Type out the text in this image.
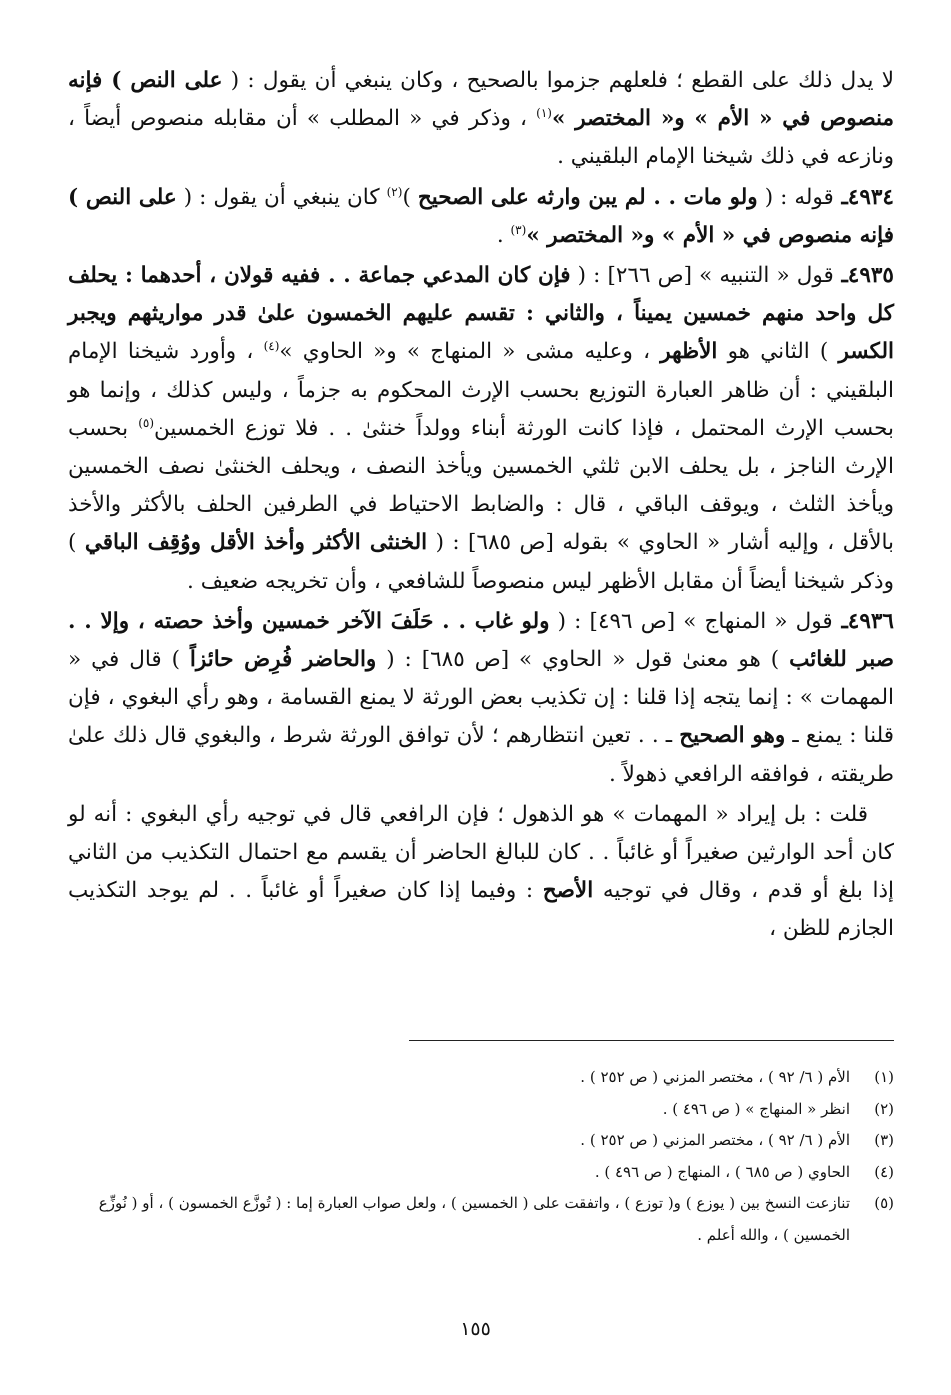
لا يدل ذلك على القطع ؛ فلعلهم جزموا بالصحيح ، وكان ينبغي أن يقول : ( على النص ) فإنه منصوص في « الأم » و« المختصر »$^{(١)}$ ، وذكر في « المطلب » أن مقابله منصوص أيضاً ، ونازعه في ذلك شيخنا الإمام البلقيني .

٤٩٣٤ـ قوله : ( ولو مات . . لم يبن وارثه على الصحيح )$^{(٢)}$ كان ينبغي أن يقول : ( على النص ) فإنه منصوص في « الأم » و« المختصر »$^{(٣)}$ .

٤٩٣٥ـ قول « التنبيه » [ص ٢٦٦] : ( فإن كان المدعي جماعة . . ففيه قولان ، أحدهما : يحلف كل واحد منهم خمسين يميناً ، والثاني : تقسم عليهم الخمسون علىٰ قدر مواريثهم ويجبر الكسر ) الثاني هو الأظهر ، وعليه مشى « المنهاج » و« الحاوي »$^{(٤)}$ ، وأورد شيخنا الإمام البلقيني : أن ظاهر العبارة التوزيع بحسب الإرث المحكوم به جزماً ، وليس كذلك ، وإنما هو بحسب الإرث المحتمل ، فإذا كانت الورثة أبناء وولداً خنثىٰ . . فلا توزع الخمسين$^{(٥)}$ بحسب الإرث الناجز ، بل يحلف الابن ثلثي الخمسين ويأخذ النصف ، ويحلف الخنثىٰ نصف الخمسين ويأخذ الثلث ، ويوقف الباقي ، قال : والضابط الاحتياط في الطرفين الحلف بالأكثر والأخذ بالأقل ، وإليه أشار « الحاوي » بقوله [ص ٦٨٥] : ( الخنثى الأكثر وأخذ الأقل ووُقِف الباقي ) وذكر شيخنا أيضاً أن مقابل الأظهر ليس منصوصاً للشافعي ، وأن تخريجه ضعيف .

٤٩٣٦ـ قول « المنهاج » [ص ٤٩٦] : ( ولو غاب . . حَلَفَ الآخر خمسين وأخذ حصته ، وإلا . . صبر للغائب ) هو معنىٰ قول « الحاوي » [ص ٦٨٥] : ( والحاضر فُرِض حائزاً ) قال في « المهمات » : إنما يتجه إذا قلنا : إن تكذيب بعض الورثة لا يمنع القسامة ، وهو رأي البغوي ، فإن قلنا : يمنع ـ وهو الصحيح ـ . . تعين انتظارهم ؛ لأن توافق الورثة شرط ، والبغوي قال ذلك علىٰ طريقته ، فوافقه الرافعي ذهولاً .

قلت : بل إيراد « المهمات » هو الذهول ؛ فإن الرافعي قال في توجيه رأي البغوي : أنه لو كان أحد الوارثين صغيراً أو غائباً . . كان للبالغ الحاضر أن يقسم مع احتمال التكذيب من الثاني إذا بلغ أو قدم ، وقال في توجيه الأصح : وفيما إذا كان صغيراً أو غائباً . . لم يوجد التكذيب الجازم للظن ،

(١)
الأم ( ٦/ ٩٢ ) ، مختصر المزني ( ص ٢٥٢ ) .
(٢)
انظر « المنهاج » ( ص ٤٩٦ ) .
(٣)
الأم ( ٦/ ٩٢ ) ، مختصر المزني ( ص ٢٥٢ ) .
(٤)
الحاوي ( ص ٦٨٥ ) ، المنهاج ( ص ٤٩٦ ) .
(٥)
تنازعت النسخ بين ( يوزع ) و( توزع ) ، واتفقت على ( الخمسين ) ، ولعل صواب العبارة إما : ( تُوزَّع الخمسون ) ، أو ( نُوزِّع الخمسين ) ، والله أعلم .
١٥٥
